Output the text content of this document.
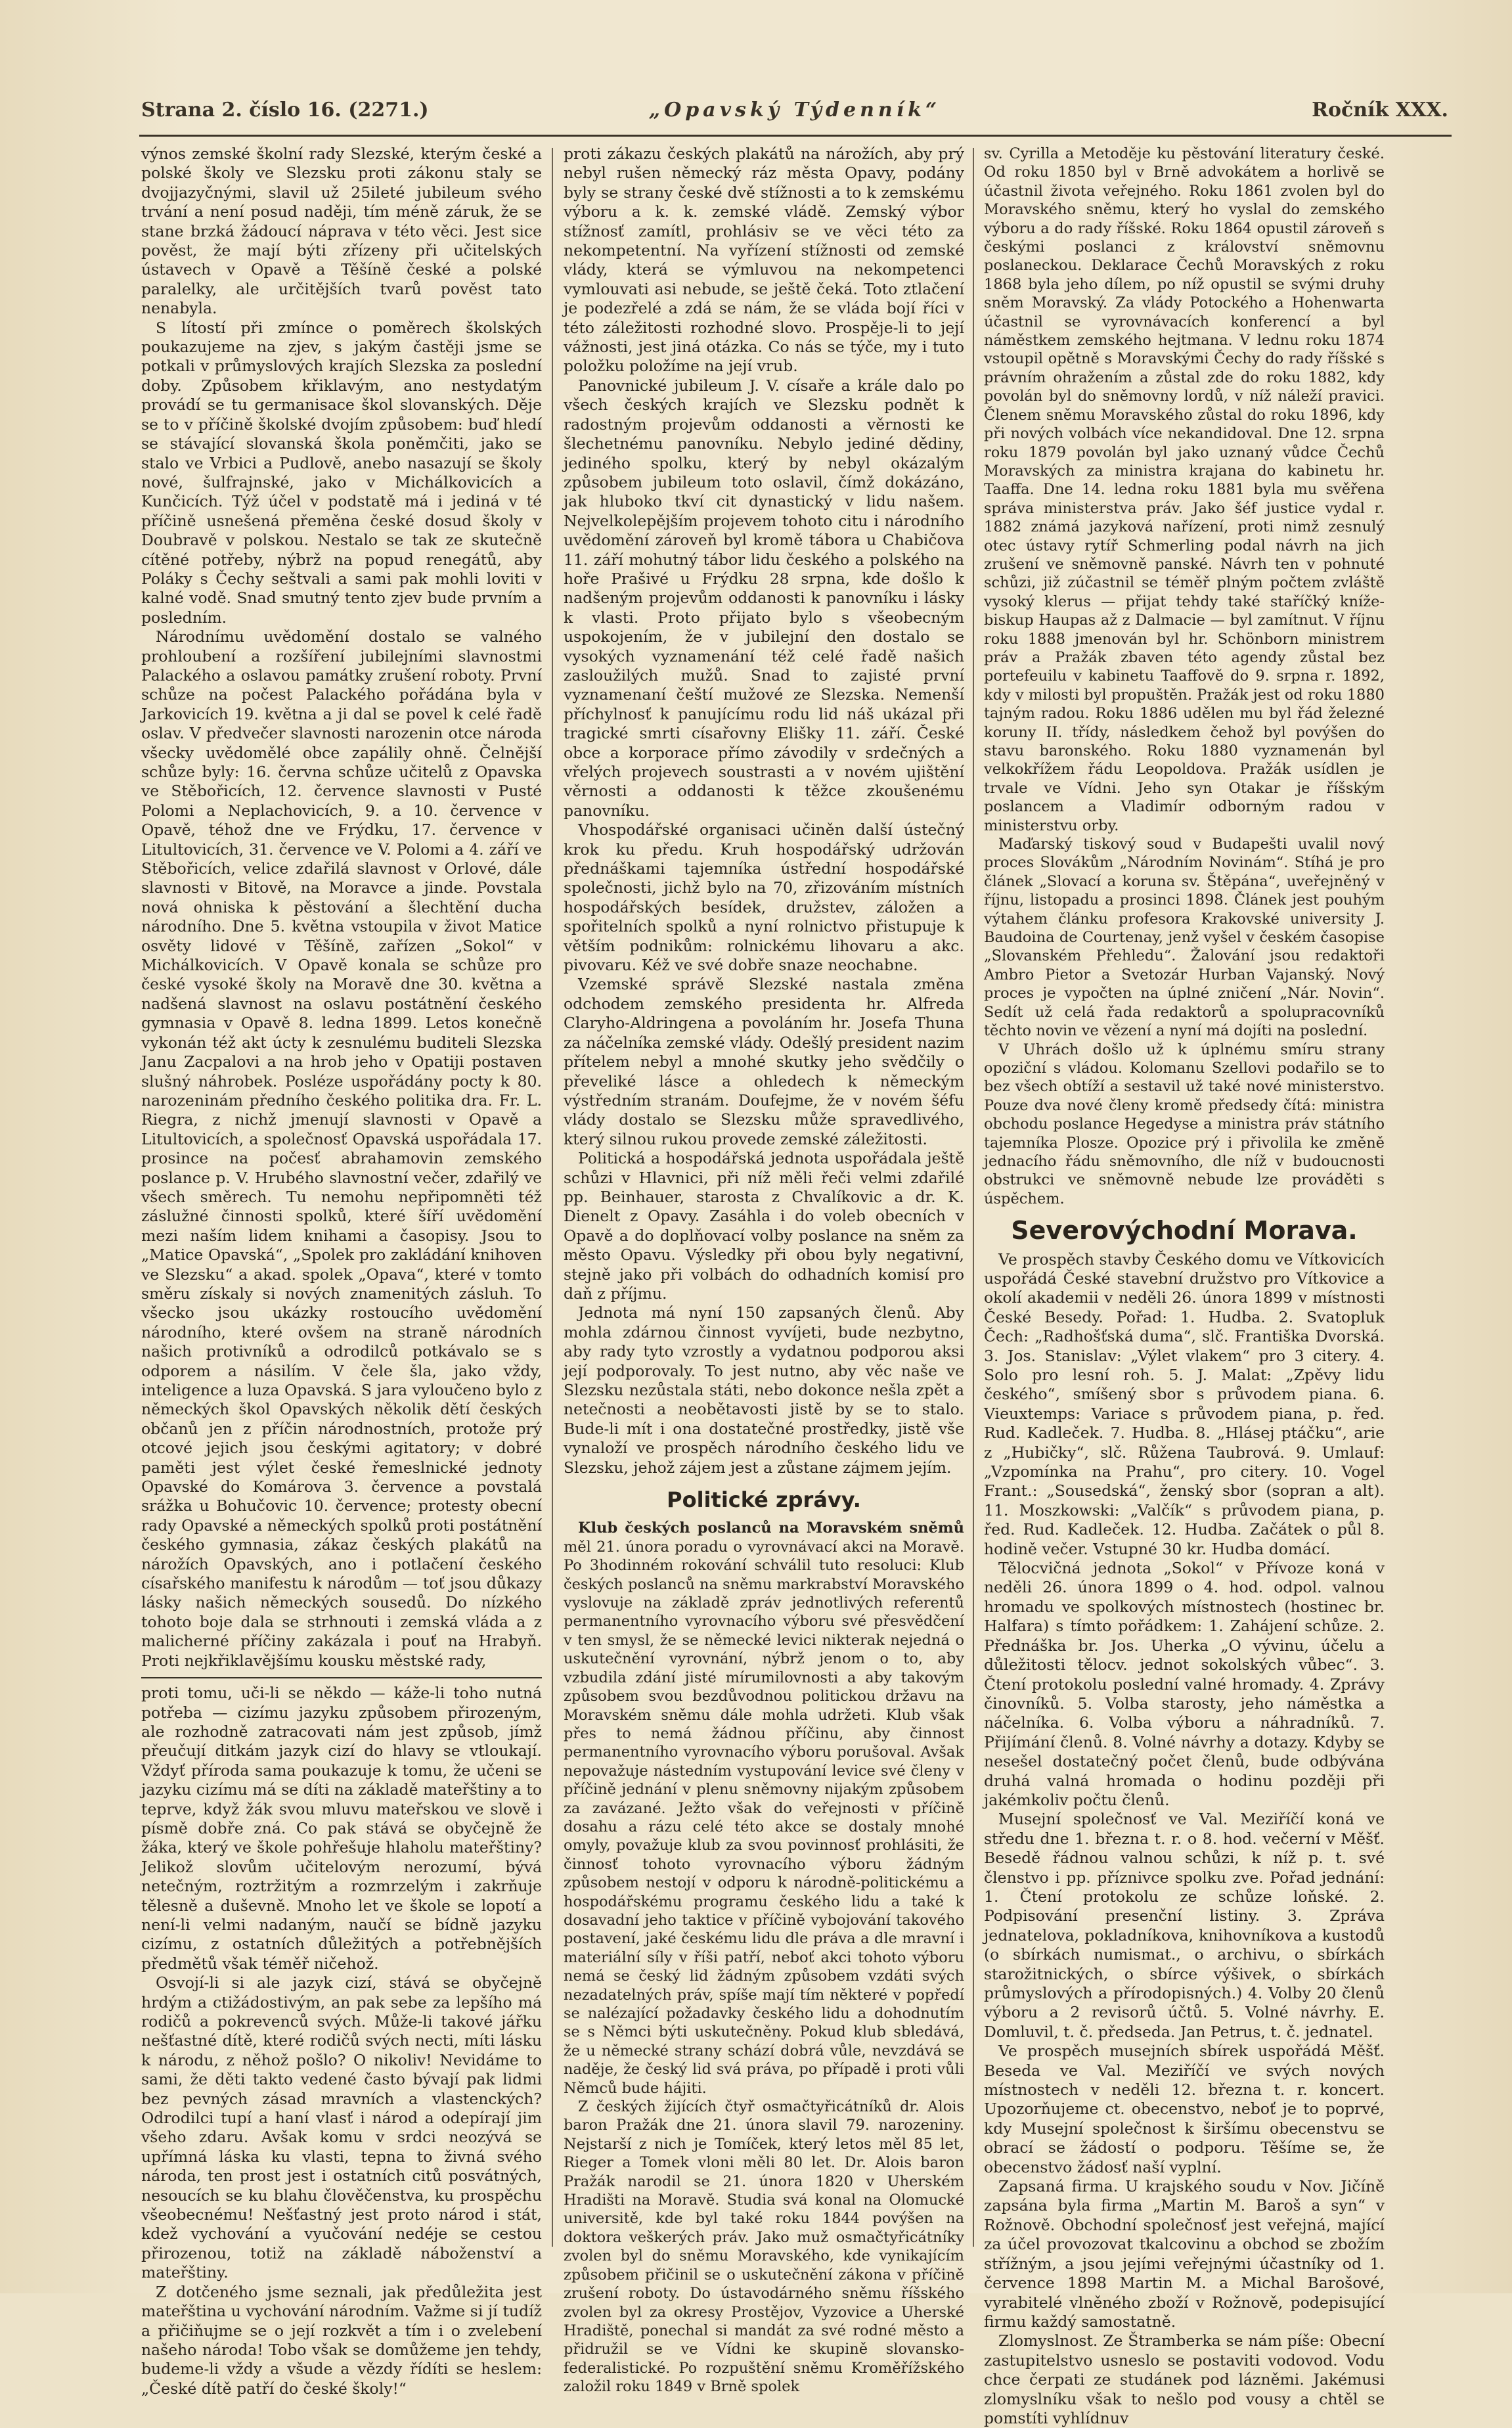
Strana 2. číslo 16. (2271.)	„Opavský Týdenník“	Ročník XXX.

výnos zemské školní rady Slezské, kterým české a polské školy ve Slezsku proti zákonu staly se dvojjazyčnými, slavil už 25ileté jubileum svého trvání a není posud naději, tím méně záruk, že se stane brzká žádoucí náprava v této věci. Jest sice pověst, že mají býti zřízeny při učitelských ústavech v Opavě a Těšíně české a polské paralelky, ale určitějších tvarů pověst tato nenabyla.

S lítostí při zmínce o poměrech školských poukazujeme na zjev, s jakým častěji jsme se potkali v průmyslových krajích Slezska za poslední doby. Způsobem křiklavým, ano nestydatým provádí se tu germanisace škol slovanských. Děje se to v příčině školské dvojím způsobem: buď hledí se stávající slovanská škola poněmčiti, jako se stalo ve Vrbici a Pudlově, anebo nasazují se školy nové, šulfrajnské, jako v Michálkovicích a Kunčicích. Týž účel v podstatě má i jediná v té příčině usnešená přeměna české dosud školy v Doubravě v polskou. Nestalo se tak ze skutečně cítěné potřeby, nýbrž na popud renegátů, aby Poláky s Čechy seštvali a sami pak mohli loviti v kalné vodě. Snad smutný tento zjev bude prvním a posledním.

Národnímu uvědomění dostalo se valného prohloubení a rozšíření jubilejními slavnostmi Palackého a oslavou památky zrušení roboty. První schůze na počest Palackého pořádána byla v Jarkovicích 19. května a ji dal se povel k celé řadě oslav. V předvečer slavnosti narozenin otce národa všecky uvědomělé obce zapálily ohně. Čelnější schůze byly: 16. června schůze učitelů z Opavska ve Stěbořicích, 12. července slavnosti v Pusté Polomi a Neplachovicích, 9. a 10. července v Opavě, téhož dne ve Frýdku, 17. července v Litultovicích, 31. července ve V. Polomi a 4. září ve Stěbořicích, velice zdařilá slavnost v Orlové, dále slavnosti v Bitově, na Moravce a jinde. Povstala nová ohniska k pěstování a šlechtění ducha národního. Dne 5. května vstoupila v život Matice osvěty lidové v Těšíně, zařízen „Sokol“ v Michálkovicích. V Opavě konala se schůze pro české vysoké školy na Moravě dne 30. května a nadšená slavnost na oslavu postátnění českého gymnasia v Opavě 8. ledna 1899. Letos konečně vykonán též akt úcty k zesnulému buditeli Slezska Janu Zacpalovi a na hrob jeho v Opatiji postaven slušný náhrobek. Posléze uspořádány pocty k 80. narozeninám předního českého politika dra. Fr. L. Riegra, z nichž jmenují slavnosti v Opavě a Litultovicích, a společnosť Opavská uspořádala 17. prosince na počesť abrahamovin zemského poslance p. V. Hrubého slavnostní večer, zdařilý ve všech směrech. Tu nemohu nepřipomněti též záslužné činnosti spolků, které šíří uvědomění mezi naším lidem knihami a časopisy. Jsou to „Matice Opavská“, „Spolek pro zakládání knihoven ve Slezsku“ a akad. spolek „Opava“, které v tomto směru získaly si nových znamenitých zásluh. To všecko jsou ukázky rostoucího uvědomění národního, které ovšem na straně národních našich protivníků a odrodilců potkávalo se s odporem a násilím. V čele šla, jako vždy, inteligence a luza Opavská. S jara vyloučeno bylo z německých škol Opavských několik dětí českých občanů jen z příčin národnostních, protože prý otcové jejich jsou českými agitatory; v dobré paměti jest výlet české řemeslnické jednoty Opavské do Komárova 3. července a povstalá srážka u Bohučovic 10. července; protesty obecní rady Opavské a německých spolků proti postátnění českého gymnasia, zákaz českých plakátů na nárožích Opavských, ano i potlačení českého císařského manifestu k národům — toť jsou důkazy lásky našich německých sousedů. Do nízkého tohoto boje dala se strhnouti i zemská vláda a z malicherné příčiny zakázala i pouť na Hrabyň. Proti nejkřiklavějšímu kousku městské rady,

proti tomu, uči-li se někdo — káže-li toho nutná potřeba — cizímu jazyku způsobem přirozeným, ale rozhodně zatracovati nám jest způsob, jímž přeučují ditkám jazyk cizí do hlavy se vtloukají. Vždyť příroda sama poukazuje k tomu, že učeni se jazyku cizímu má se díti na základě mateřštiny a to teprve, když žák svou mluvu mateřskou ve slově i písmě dobře zná. Co pak stává se obyčejně že žáka, který ve škole pohřešuje hlaholu mateřštiny? Jelikož slovům učitelovým nerozumí, bývá netečným, roztržitým a rozmrzelým i zakrňuje tělesně a duševně. Mnoho let ve škole se lopotí a není-li velmi nadaným, naučí se bídně jazyku cizímu, z ostatních důležitých a potřebnějších předmětů však téměř ničehož.

Osvojí-li si ale jazyk cizí, stává se obyčejně hrdým a ctižádostivým, an pak sebe za lepšího má rodičů a pokrevenců svých. Může-li takové jářku nešťastné dítě, které rodičů svých necti, míti lásku k národu, z něhož pošlo? O nikoliv! Nevidáme to sami, že děti takto vedené často bývají pak lidmi bez pevných zásad mravních a vlastenckých? Odrodilci tupí a haní vlasť i národ a odepírají jim všeho zdaru. Avšak komu v srdci neozývá se upřímná láska ku vlasti, tepna to živná svého národa, ten prost jest i ostatních citů posvátných, nesoucích se ku blahu člověčenstva, ku prospěchu všeobecnému! Nešťastný jest proto národ i stát, kdež vychování a vyučování nedéje se cestou přirozenou, totiž na základě náboženství a mateřštiny.

Z dotčeného jsme seznali, jak předůležita jest mateřština u vychování národním. Važme si jí tudíž a přičiňujme se o její rozkvět a tím i o zvelebení našeho národa! Tobo však se domůžeme jen tehdy, budeme-li vždy a všude a vězdy řídíti se heslem: „České dítě patří do české školy!“

proti zákazu českých plakátů na nárožích, aby prý nebyl rušen německý ráz města Opavy, podány byly se strany české dvě stížnosti a to k zemskému výboru a k. k. zemské vládě. Zemský výbor stížnosť zamítl, prohlásiv se ve věci této za nekompetentní. Na vyřízení stížnosti od zemské vlády, která se výmluvou na nekompetenci vymlouvati asi nebude, se ještě čeká. Toto ztlačení je podezřelé a zdá se nám, že se vláda bojí říci v této záležitosti rozhodné slovo. Prospěje-li to její vážnosti, jest jiná otázka. Co nás se týče, my i tuto položku položíme na její vrub.

Panovnické jubileum J. V. císaře a krále dalo po všech českých krajích ve Slezsku podnět k radostným projevům oddanosti a věrnosti ke šlechetnému panovníku. Nebylo jediné dědiny, jediného spolku, který by nebyl okázalým způsobem jubileum toto oslavil, čímž dokázáno, jak hluboko tkví cit dynastický v lidu našem. Nejvelkolepějším projevem tohoto citu i národního uvědomění zároveň byl kromě tábora u Chabičova 11. září mohutný tábor lidu českého a polského na hoře Prašivé u Frýdku 28 srpna, kde došlo k nadšeným projevům oddanosti k panovníku i lásky k vlasti. Proto přijato bylo s všeobecným uspokojením, že v jubilejní den dostalo se vysokých vyznamenání též celé řadě našich zasloužilých mužů. Snad to zajisté první vyznamenaní čeští mužové ze Slezska. Nemenší příchylnosť k panujícímu rodu lid náš ukázal při tragické smrti císařovny Elišky 11. září. České obce a korporace přímo závodily v srdečných a vřelých projevech soustrasti a v novém ujištění věrnosti a oddanosti k těžce zkoušenému panovníku.

Vhospodářské organisaci učiněn další ústečný krok ku předu. Kruh hospodářský udržován přednáškami tajemníka ústřední hospodářské společnosti, jichž bylo na 70, zřizováním místních hospodářských besídek, družstev, záložen a spořitelních spolků a nyní rolnictvo přistupuje k větším podnikům: rolnickému lihovaru a akc. pivovaru. Kéž ve své dobře snaze neochabne.

Vzemské správě Slezské nastala změna odchodem zemského presidenta hr. Alfreda Claryho-Aldringena a povoláním hr. Josefa Thuna za náčelníka zemské vlády. Odešlý president nazim přítelem nebyl a mnohé skutky jeho svědčily o převeliké lásce a ohledech k německým výstředním stranám. Doufejme, že v novém šéfu vlády dostalo se Slezsku může spravedlivého, který silnou rukou provede zemské záležitosti.

Politická a hospodářská jednota uspořádala ještě schůzi v Hlavnici, při níž měli řeči velmi zdařilé pp. Beinhauer, starosta z Chvalíkovic a dr. K. Dienelt z Opavy. Zasáhla i do voleb obecních v Opavě a do doplňovací volby poslance na sněm za město Opavu. Výsledky při obou byly negativní, stejně jako při volbách do odhadních komisí pro daň z příjmu.

Jednota má nyní 150 zapsaných členů. Aby mohla zdárnou činnost vyvíjeti, bude nezbytno, aby rady tyto vzrostly a vydatnou podporou aksi její podporovaly. To jest nutno, aby věc naše ve Slezsku nezůstala státi, nebo dokonce nešla zpět a netečnosti a neobětavosti jistě by se to stalo. Bude-li mít i ona dostatečné prostředky, jistě vše vynaloží ve prospěch národního českého lidu ve Slezsku, jehož zájem jest a zůstane zájmem jejím.

Politické zprávy.

Klub českých poslanců na Moravském sněmů měl 21. února poradu o vyrovnávací akci na Moravě. Po 3hodinném rokování schválil tuto resoluci: Klub českých poslanců na sněmu markrabství Moravského vyslovuje na základě zpráv jednotlivých referentů permanentního vyrovnacího výboru své přesvědčení v ten smysl, že se německé levici nikterak nejedná o uskutečnění vyrovnání, nýbrž jenom o to, aby vzbudila zdání jisté mírumilovnosti a aby takovým způsobem svou bezdůvodnou politickou državu na Moravském sněmu dále mohla udržeti. Klub však přes to nemá žádnou příčinu, aby činnost permanentního vyrovnacího výboru porušoval. Avšak nepovažuje nástedním vystupování levice své členy v příčině jednání v plenu sněmovny nijakým způsobem za zavázané. Ježto však do veřejnosti v příčině dosahu a rázu celé této akce se dostaly mnohé omyly, považuje klub za svou povinnosť prohlásiti, že činnosť tohoto vyrovnacího výboru žádným způsobem nestojí v odporu k národně-politickému a hospodářskému programu českého lidu a také k dosavadní jeho taktice v příčině vybojování takového postavení, jaké českému lidu dle práva a dle mravní i materiální síly v říši patří, neboť akci tohoto výboru nemá se český lid žádným způsobem vzdáti svých nezadatelných práv, spíše mají tím některé v popředí se nalézající požadavky českého lidu a dohodnutím se s Němci býti uskutečněny. Pokud klub sbledává, že u německé strany schází dobrá vůle, nevzdává se naděje, že český lid svá práva, po případě i proti vůli Němců bude hájiti.

Z českých žijících čtyř osmačtyřicátníků dr. Alois baron Pražák dne 21. února slavil 79. narozeniny. Nejstarší z nich je Tomíček, který letos měl 85 let, Rieger a Tomek vloni měli 80 let. Dr. Alois baron Pražák narodil se 21. února 1820 v Uherském Hradišti na Moravě. Studia svá konal na Olomucké universitě, kde byl také roku 1844 povýšen na doktora veškerých práv. Jako muž osmačtyřicátníky zvolen byl do sněmu Moravského, kde vynikajícím způsobem přičinil se o uskutečnění zákona v příčině zrušení roboty. Do ústavodárného sněmu říšského zvolen byl za okresy Prostějov, Vyzovice a Uherské Hradiště, ponechal si mandát za své rodné město a přidružil se ve Vídni ke skupině slovansko-federalistické. Po rozpuštění sněmu Kroměřížského založil roku 1849 v Brně spolek

sv. Cyrilla a Metoděje ku pěstování literatury české. Od roku 1850 byl v Brně advokátem a horlivě se účastnil života veřejného. Roku 1861 zvolen byl do Moravského sněmu, který ho vyslal do zemského výboru a do rady říšské. Roku 1864 opustil zároveň s českými poslanci z království sněmovnu poslaneckou. Deklarace Čechů Moravských z roku 1868 byla jeho dílem, po níž opustil se svými druhy sněm Moravský. Za vlády Potockého a Hohenwarta účastnil se vyrovnávacích konferencí a byl náměstkem zemského hejtmana. V lednu roku 1874 vstoupil opětně s Moravskými Čechy do rady říšské s právním ohražením a zůstal zde do roku 1882, kdy povolán byl do sněmovny lordů, v níž náleží pravici. Členem sněmu Moravského zůstal do roku 1896, kdy při nových volbách více nekandidoval. Dne 12. srpna roku 1879 povolán byl jako uznaný vůdce Čechů Moravských za ministra krajana do kabinetu hr. Taaffa. Dne 14. ledna roku 1881 byla mu svěřena správa ministerstva práv. Jako šéf justice vydal r. 1882 známá jazyková nařízení, proti nimž zesnulý otec ústavy rytíř Schmerling podal návrh na jich zrušení ve sněmovně panské. Návrh ten v pohnuté schůzi, již zúčastnil se téměř plným počtem zvláště vysoký klerus — přijat tehdy také staříčký kníže-biskup Haupas až z Dalmacie — byl zamítnut. V říjnu roku 1888 jmenován byl hr. Schönborn ministrem práv a Pražák zbaven této agendy zůstal bez portefeuilu v kabinetu Taaffově do 9. srpna r. 1892, kdy v milosti byl propuštěn. Pražák jest od roku 1880 tajným radou. Roku 1886 udělen mu byl řád železné koruny II. třídy, následkem čehož byl povýšen do stavu baronského. Roku 1880 vyznamenán byl velkokřížem řádu Leopoldova. Pražák usídlen je trvale ve Vídni. Jeho syn Otakar je říšským poslancem a Vladimír odborným radou v ministerstvu orby.

Maďarský tiskový soud v Budapešti uvalil nový proces Slovákům „Národním Novinám“. Stíhá je pro článek „Slovací a koruna sv. Štěpána“, uveřejněný v říjnu, listopadu a prosinci 1898. Článek jest pouhým výtahem článku profesora Krakovské university J. Baudoina de Courtenay, jenž vyšel v českém časopise „Slovanském Přehledu“. Žalování jsou redaktoři Ambro Pietor a Svetozár Hurban Vajanský. Nový proces je vypočten na úplné zničení „Nár. Novin“. Sedít už celá řada redaktorů a spolupracovníků těchto novin ve vězení a nyní má dojíti na poslední.

V Uhrách došlo už k úplnému smíru strany opoziční s vládou. Kolomanu Szellovi podařilo se to bez všech obtíží a sestavil už také nové ministerstvo. Pouze dva nové členy kromě předsedy čítá: ministra obchodu poslance Hegedyse a ministra práv státního tajemníka Plosze. Opozice prý i přivolila ke změně jednacího řádu sněmovního, dle níž v budoucnosti obstrukci ve sněmovně nebude lze prováděti s úspěchem.

Severovýchodní Morava.

Ve prospěch stavby Českého domu ve Vítkovicích uspořádá České stavební družstvo pro Vítkovice a okolí akademii v neděli 26. února 1899 v místnosti České Besedy. Pořad: 1. Hudba. 2. Svatopluk Čech: „Radhošťská duma“, slč. Františka Dvorská. 3. Jos. Stanislav: „Výlet vlakem“ pro 3 citery. 4. Solo pro lesní roh. 5. J. Malat: „Zpěvy lidu českého“, smíšený sbor s průvodem piana. 6. Vieuxtemps: Variace s průvodem piana, p. řed. Rud. Kadleček. 7. Hudba. 8. „Hlásej ptáčku“, arie z „Hubičky“, slč. Růžena Taubrová. 9. Umlauf: „Vzpomínka na Prahu“, pro citery. 10. Vogel Frant.: „Sousedská“, ženský sbor (sopran a alt). 11. Moszkowski: „Valčík“ s průvodem piana, p. řed. Rud. Kadleček. 12. Hudba. Začátek o půl 8. hodině večer. Vstupné 30 kr. Hudba domácí.

Tělocvičná jednota „Sokol“ v Přívoze koná v neděli 26. února 1899 o 4. hod. odpol. valnou hromadu ve spolkových místnostech (hostinec br. Halfara) s tímto pořádkem: 1. Zahájení schůze. 2. Přednáška br. Jos. Uherka „O vývinu, účelu a důležitosti tělocv. jednot sokolských vůbec“. 3. Čtení protokolu poslední valné hromady. 4. Zprávy činovníků. 5. Volba starosty, jeho náměstka a náčelníka. 6. Volba výboru a náhradníků. 7. Přijímání členů. 8. Volné návrhy a dotazy. Kdyby se nesešel dostatečný počet členů, bude odbývána druhá valná hromada o hodinu později při jakémkoliv počtu členů.

Musejní společnosť ve Val. Meziříčí koná ve středu dne 1. března t. r. o 8. hod. večerní v Měšť. Besedě řádnou valnou schůzi, k níž p. t. své členstvo i pp. příznivce spolku zve. Pořad jednání: 1. Čtení protokolu ze schůze loňské. 2. Podpisování presenční listiny. 3. Zpráva jednatelova, pokladníkova, knihovníkova a kustodů (o sbírkách numismat., o archivu, o sbírkách starožitnických, o sbírce výšivek, o sbírkách průmyslových a přírodopisných.) 4. Volby 20 členů výboru a 2 revisorů účtů. 5. Volné návrhy. E. Domluvil, t. č. předseda. Jan Petrus, t. č. jednatel.

Ve prospěch musejních sbírek uspořádá Měšť. Beseda ve Val. Meziříčí ve svých nových místnostech v neděli 12. března t. r. koncert. Upozorňujeme ct. obecenstvo, neboť je to poprvé, kdy Musejní společnost k širšímu obecenstvu se obrací se žádostí o podporu. Těšíme se, že obecenstvo žádosť naší vyplní.

Zapsaná firma. U krajského soudu v Nov. Jičíně zapsána byla firma „Martin M. Baroš a syn“ v Rožnově. Obchodní společnosť jest veřejná, mající za účel provozovat tkalcovinu a obchod se zbožím střížným, a jsou jejími veřejnými účastníky od 1. července 1898 Martin M. a Michal Barošové, vyrabitelé vlněného zboží v Rožnově, podepisující firmu každý samostatně.

Zlomyslnost. Ze Štramberka se nám píše: Obecní zastupitelstvo usneslo se postaviti vodovod. Vodu chce čerpati ze studánek pod lázněmi. Jakémusi zlomyslníku však to nešlo pod vousy a chtěl se pomstíti vyhlídnuv
